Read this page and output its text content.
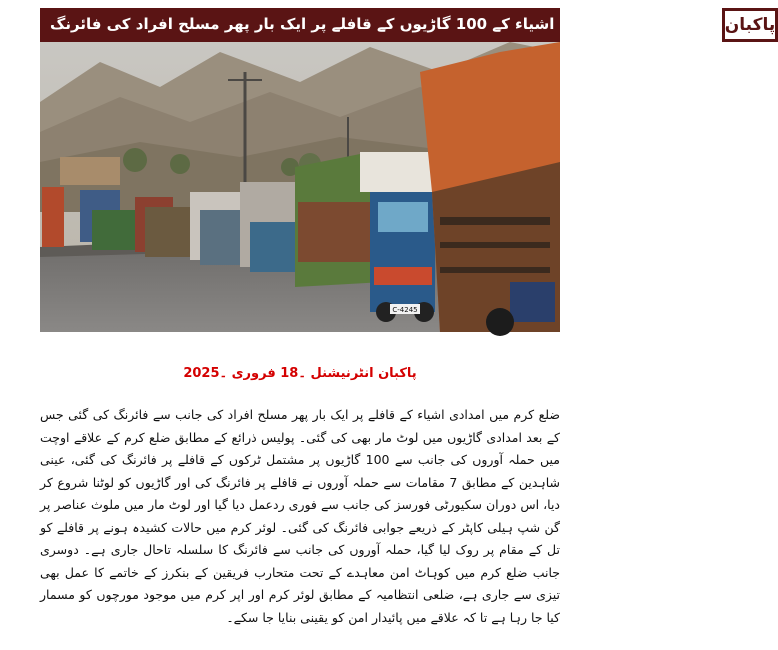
ضلع کرم میں امدادی اشیاء کے 100 گاڑیوں کے قافلے پر ایک بار پھر مسلح افراد کی فائرنگ پاکبان
C-4245
پاکبان انٹرنیشنل ۔18 فروری ۔2025

ضلع کرم میں امدادی اشیاء کے قافلے پر ایک بار پھر مسلح افراد کی جانب سے فائرنگ کی گئی جس کے بعد امدادی گاڑیوں میں لوٹ مار بھی کی گئی۔ پولیس ذرائع کے مطابق ضلع کرم کے علاقے اوچت میں حملہ آوروں کی جانب سے 100 گاڑیوں پر مشتمل ٹرکوں کے قافلے پر فائرنگ کی گئی، عینی شاہدین کے مطابق 7 مقامات سے حملہ آوروں نے قافلے پر فائرنگ کی اور گاڑیوں کو لوٹنا شروع کر دیا، اس دوران سکیورٹی فورسز کی جانب سے فوری ردعمل دیا گیا اور لوٹ مار میں ملوث عناصر پر گن شپ ہیلی کاپٹر کے ذریعے جوابی فائرنگ کی گئی۔ لوئر کرم میں حالات کشیدہ ہونے پر قافلے کو تل کے مقام پر روک لیا گیا، حملہ آوروں کی جانب سے فائرنگ کا سلسلہ تاحال جاری ہے۔ دوسری جانب ضلع کرم میں کوہاٹ امن معاہدے کے تحت متحارب فریقین کے بنکرز کے خاتمے کا عمل بھی تیزی سے جاری ہے، ضلعی انتظامیہ کے مطابق لوئر کرم اور اپر کرم میں موجود مورچوں کو مسمار کیا جا رہا ہے تا کہ علاقے میں پائیدار امن کو یقینی بنایا جا سکے۔
